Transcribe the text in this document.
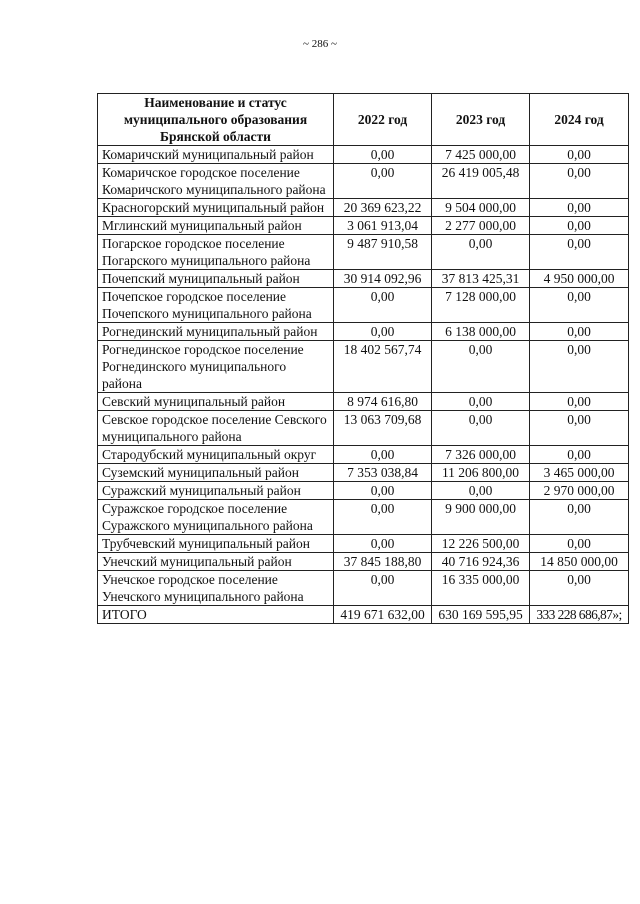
~ 286 ~
Наименование и статус муниципального образования Брянской области	2022 год	2023 год	2024 год
Комаричский муниципальный район	0,00	7 425 000,00	0,00
Комаричское городское поселение Комаричского муниципального района	0,00	26 419 005,48	0,00
Красногорский муниципальный район	20 369 623,22	9 504 000,00	0,00
Мглинский муниципальный район	3 061 913,04	2 277 000,00	0,00
Погарское городское поселение Погарского муниципального района	9 487 910,58	0,00	0,00
Почепский муниципальный район	30 914 092,96	37 813 425,31	4 950 000,00
Почепское городское поселение Почепского муниципального района	0,00	7 128 000,00	0,00
Рогнединский муниципальный район	0,00	6 138 000,00	0,00
Рогнединское городское поселение Рогнединского муниципального района	18 402 567,74	0,00	0,00
Севский муниципальный район	8 974 616,80	0,00	0,00
Севское городское поселение Севского муниципального района	13 063 709,68	0,00	0,00
Стародубский муниципальный округ	0,00	7 326 000,00	0,00
Суземский муниципальный район	7 353 038,84	11 206 800,00	3 465 000,00
Суражский муниципальный район	0,00	0,00	2 970 000,00
Суражское городское поселение Суражского муниципального района	0,00	9 900 000,00	0,00
Трубчевский муниципальный район	0,00	12 226 500,00	0,00
Унечский муниципальный район	37 845 188,80	40 716 924,36	14 850 000,00
Унечское городское поселение Унечского муниципального района	0,00	16 335 000,00	0,00
ИТОГО	419 671 632,00	630 169 595,95	333 228 686,87»;
